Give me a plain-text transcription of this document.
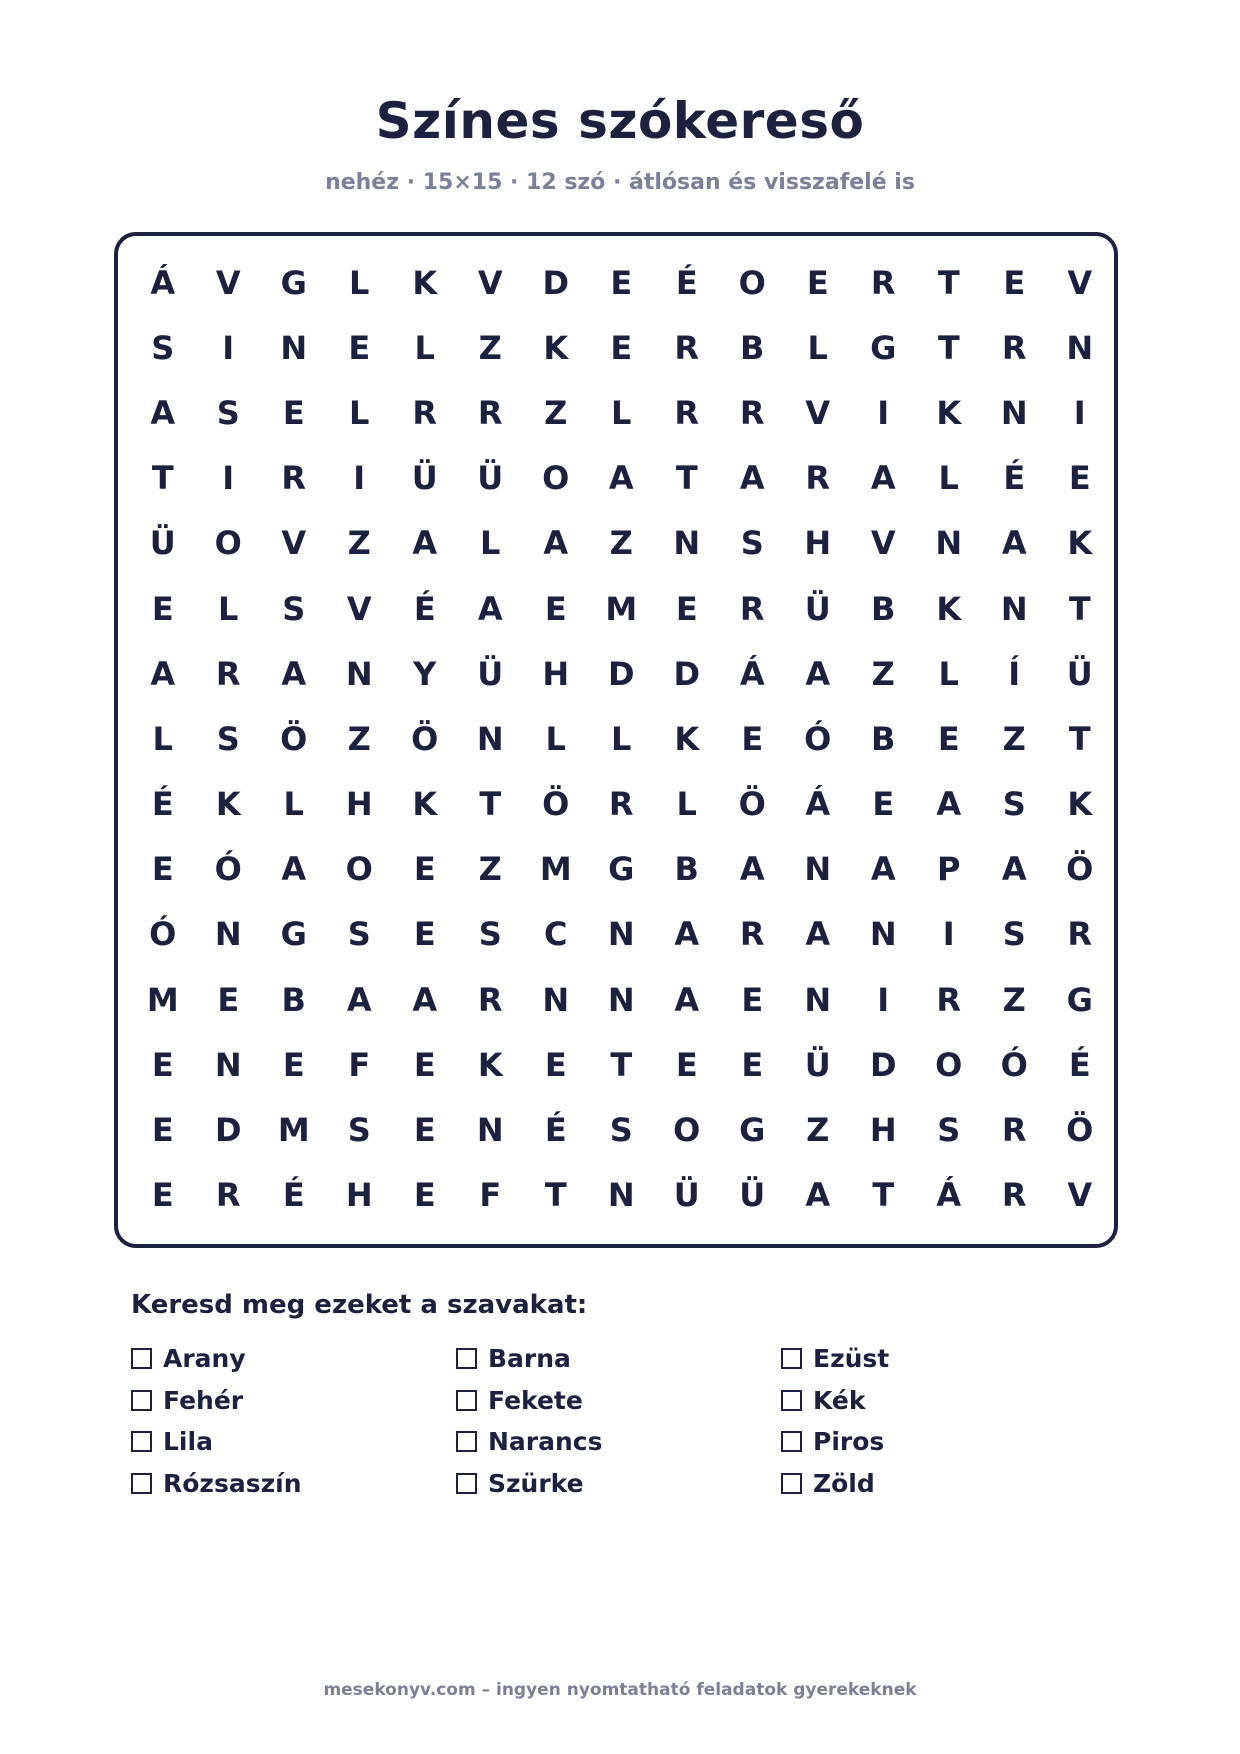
Színes szókereső
nehéz · 15×15 · 12 szó · átlósan és visszafelé is
Á	V	G	L	K	V	D	E	É	O	E	R	T	E	V
S	I	N	E	L	Z	K	E	R	B	L	G	T	R	N
A	S	E	L	R	R	Z	L	R	R	V	I	K	N	I
T	I	R	I	Ü	Ü	O	A	T	A	R	A	L	É	E
Ü	O	V	Z	A	L	A	Z	N	S	H	V	N	A	K
E	L	S	V	É	A	E	M	E	R	Ü	B	K	N	T
A	R	A	N	Y	Ü	H	D	D	Á	A	Z	L	Í	Ü
L	S	Ö	Z	Ö	N	L	L	K	E	Ó	B	E	Z	T
É	K	L	H	K	T	Ö	R	L	Ö	Á	E	A	S	K
E	Ó	A	O	E	Z	M	G	B	A	N	A	P	A	Ö
Ó	N	G	S	E	S	C	N	A	R	A	N	I	S	R
M	E	B	A	A	R	N	N	A	E	N	I	R	Z	G
E	N	E	F	E	K	E	T	E	E	Ü	D	O	Ó	É
E	D	M	S	E	N	É	S	O	G	Z	H	S	R	Ö
E	R	É	H	E	F	T	N	Ü	Ü	A	T	Á	R	V
Keresd meg ezeket a szavakat:
Arany	Barna	Ezüst
Fehér	Fekete	Kék
Lila	Narancs	Piros
Rózsaszín	Szürke	Zöld
mesekonyv.com – ingyen nyomtatható feladatok gyerekeknek
